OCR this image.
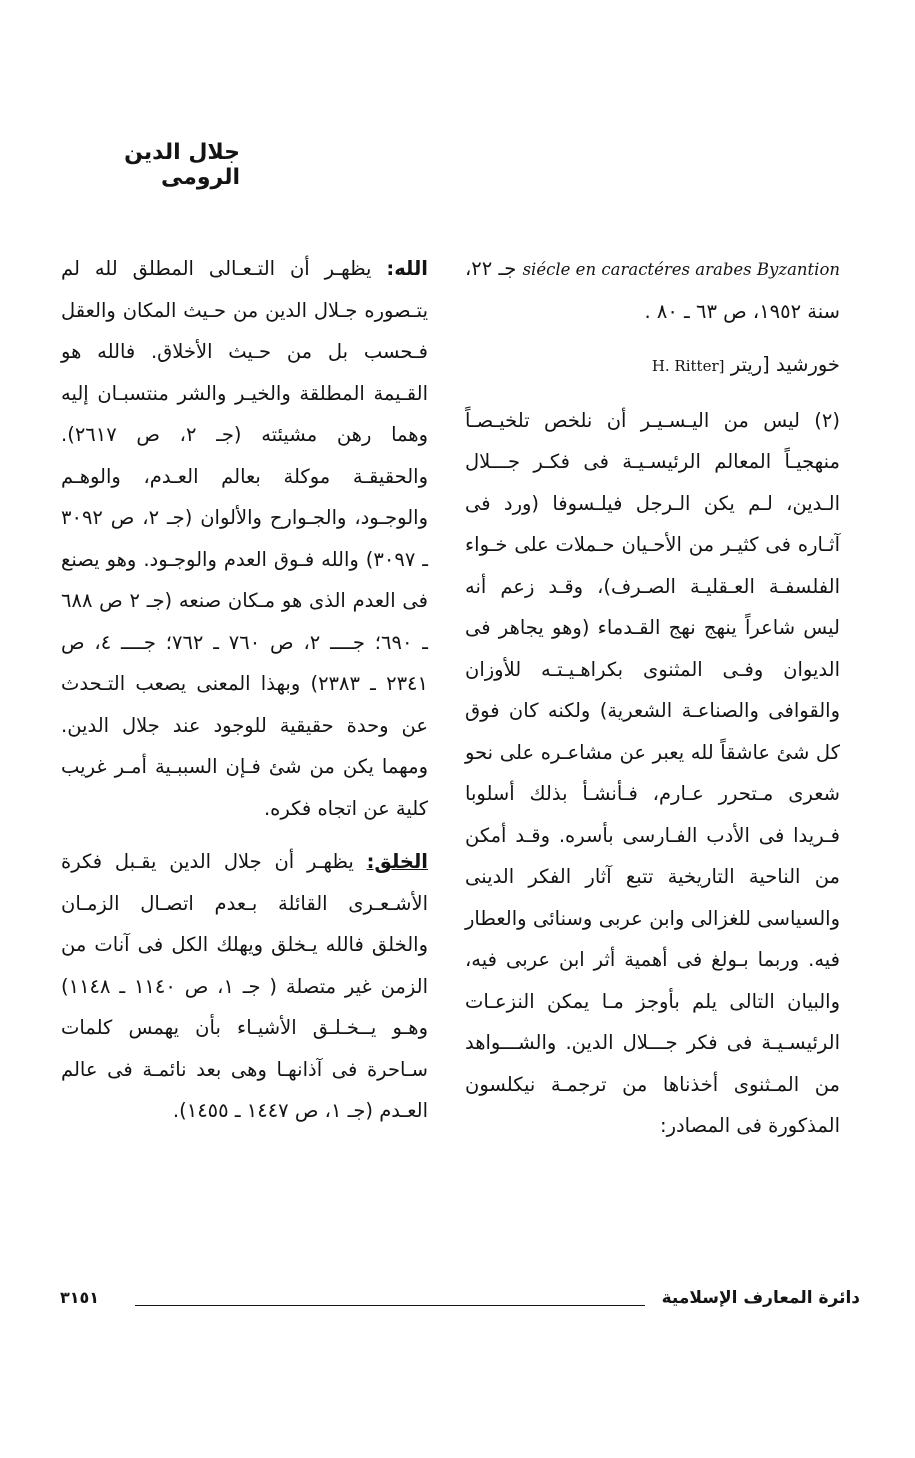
جلال الدين الرومى

siécle en caractéres arabes Byzantion جـ ٢٢، سنة ١٩٥٢، ص ٦٣ ـ ٨٠ .

خورشيد [ريتر H. Ritter]

(٢) ليس من اليـسـيـر أن نلخص تلخيـصـاً منهجيـاً المعالم الرئيسـيـة فى فكـر جـــلال الـدين، لـم يكن الـرجل فيلـسوفا (ورد فى آثـاره فى كثيـر من الأحـيان حـملات على خـواء الفلسفـة العـقليـة الصـرف)، وقـد زعم أنه ليس شاعراً ينهج نهج القـدماء (وهو يجاهر فى الديوان وفـى المثنوى بكراهـيـتـه للأوزان والقوافى والصناعـة الشعرية) ولكنه كان فوق كل شئ عاشقاً لله يعبر عن مشاعـره على نحو شعرى مـتحرر عـارم، فـأنشـأ بذلك أسلوبا فـريدا فى الأدب الفـارسى بأسره. وقـد أمكن من الناحية التاريخية تتبع آثار الفكر الدينى والسياسى للغزالى وابن عربى وسنائى والعطار فيه. وربما بـولغ فى أهمية أثر ابن عربى فيه، والبيان التالى يلم بأوجز مـا يمكن النزعـات الرئيسـيـة فى فكر جـــلال الدين. والشـــواهد من المـثنوى أخذناها من ترجمـة نيكلسون المذكورة فى المصادر:

الله: يظهـر أن التـعـالى المطلق لله لم يتـصوره جـلال الدين من حـيث المكان والعقل فـحسب بل من حـيث الأخلاق. فالله هو القـيمة المطلقة والخيـر والشر منتسبـان إليه وهما رهن مشيئته (جـ ٢، ص ٢٦١٧). والحقيقـة موكلة بعالم العـدم، والوهـم والوجـود، والجـوارح والألوان (جـ ٢، ص ٣٠٩٢ ـ ٣٠٩٧) والله فـوق العدم والوجـود. وهو يصنع فى العدم الذى هو مـكان صنعه (جـ ٢ ص ٦٨٨ ـ ٦٩٠؛ جــــ ٢، ص ٧٦٠ ـ ٧٦٢؛ جــــ ٤، ص ٢٣٤١ ـ ٢٣٨٣) وبهذا المعنى يصعب التـحدث عن وحدة حقيقية للوجود عند جلال الدين. ومهما يكن من شئ فـإن السببـية أمـر غريب كلية عن اتجاه فكره.

الخلق: يظهـر أن جلال الدين يقـبل فكرة الأشـعـرى القائلة بـعدم اتصـال الزمـان والخلق فالله يـخلق ويهلك الكل فى آنات من الزمن غير متصلة ( جـ ١، ص ١١٤٠ ـ ١١٤٨) وهـو يــخـلـق الأشيـاء بأن يهمس كلمات سـاحرة فى آذانهـا وهى بعد نائمـة فى عالم العـدم (جـ ١، ص ١٤٤٧ ـ ١٤٥٥).

دائرة المعارف الإسلامية
٣١٥١
